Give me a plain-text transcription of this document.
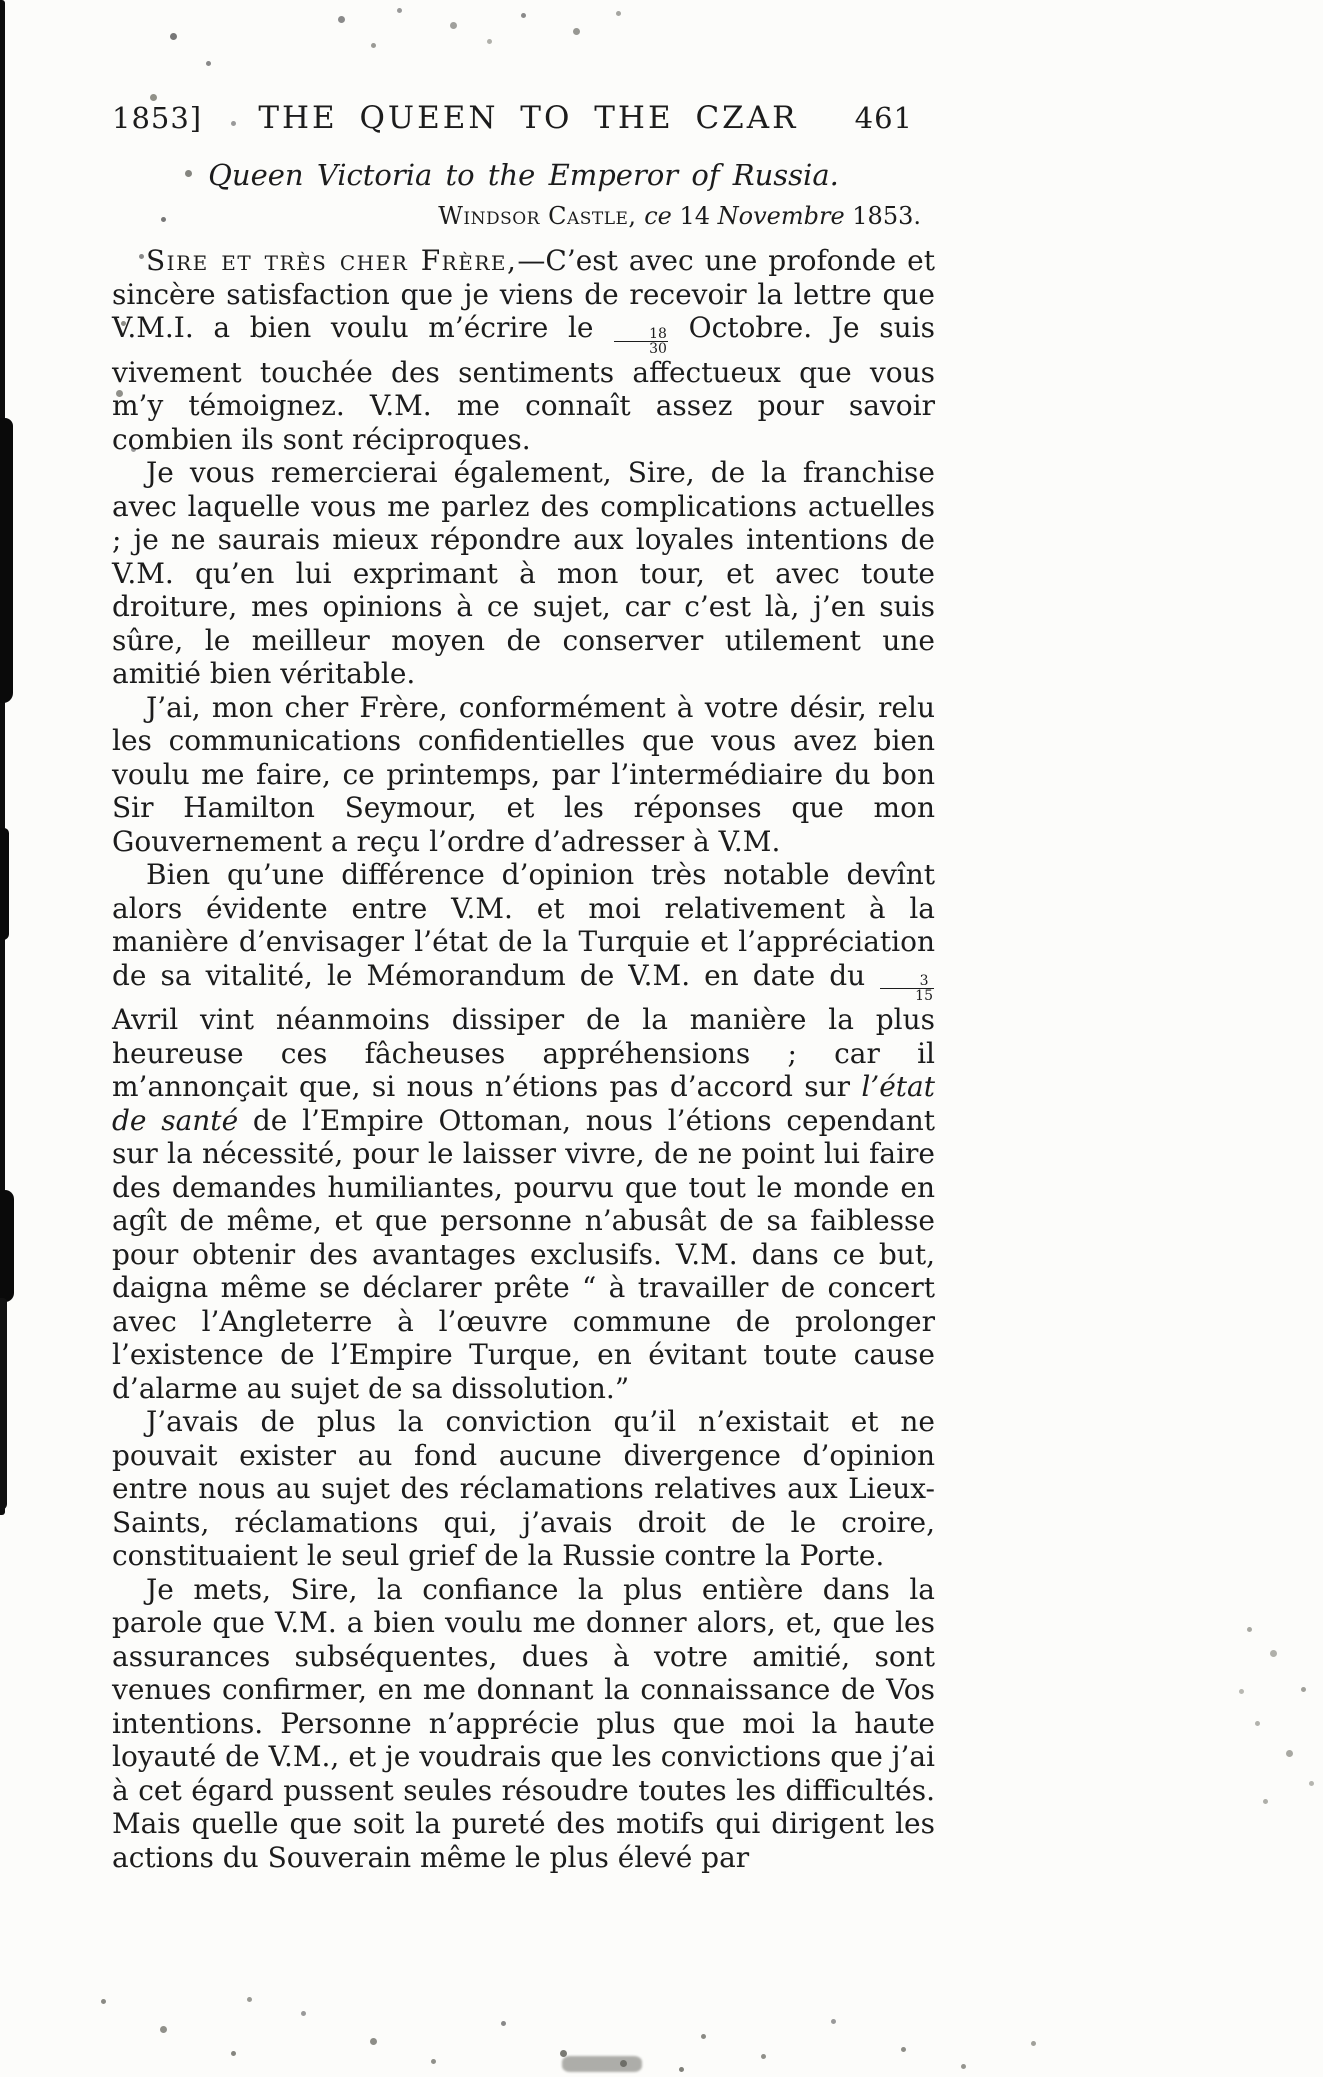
1853] THE QUEEN TO THE CZAR 461
Queen Victoria to the Emperor of Russia.
Windsor Castle, ce 14 Novembre 1853.

Sire et très cher Frère,—C’est avec une profonde et sincère satisfaction que je viens de recevoir la lettre que V.M.I. a bien voulu m’écrire le $\frac{18}{30}$ Octobre. Je suis vivement touchée des sentiments affectueux que vous m’y témoignez. V.M. me connaît assez pour savoir combien ils sont réciproques.

Je vous remercierai également, Sire, de la franchise avec laquelle vous me parlez des complications actuelles ; je ne saurais mieux répondre aux loyales intentions de V.M. qu’en lui exprimant à mon tour, et avec toute droiture, mes opinions à ce sujet, car c’est là, j’en suis sûre, le meilleur moyen de conserver utilement une amitié bien véritable.

J’ai, mon cher Frère, conformément à votre désir, relu les communications confidentielles que vous avez bien voulu me faire, ce printemps, par l’intermédiaire du bon Sir Hamilton Seymour, et les réponses que mon Gouvernement a reçu l’ordre d’adresser à V.M.

Bien qu’une différence d’opinion très notable devînt alors évidente entre V.M. et moi relativement à la manière d’envisager l’état de la Turquie et l’appréciation de sa vitalité, le Mémorandum de V.M. en date du $\frac{3}{15}$
Avril vint néanmoins dissiper de la manière la plus heureuse ces fâcheuses appréhensions ; car il m’annonçait que, si nous n’étions pas d’accord sur l’état de santé de l’Empire Ottoman, nous l’étions cependant sur la nécessité, pour le laisser vivre, de ne point lui faire des demandes humiliantes, pourvu que tout le monde en agît de même, et que personne n’abusât de sa faiblesse pour obtenir des avantages exclusifs. V.M. dans ce but, daigna même se déclarer prête “ à travailler de concert avec l’Angleterre à l’œuvre commune de prolonger l’existence de l’Empire Turque, en évitant toute cause d’alarme au sujet de sa dissolution.”

J’avais de plus la conviction qu’il n’existait et ne pouvait exister au fond aucune divergence d’opinion entre nous au sujet des réclamations relatives aux Lieux-Saints, réclamations qui, j’avais droit de le croire, constituaient le seul grief de la Russie contre la Porte.

Je mets, Sire, la confiance la plus entière dans la parole que V.M. a bien voulu me donner alors, et, que les assurances subséquentes, dues à votre amitié, sont venues confirmer, en me donnant la connaissance de Vos intentions. Personne n’apprécie plus que moi la haute loyauté de V.M., et je voudrais que les convictions que j’ai à cet égard pussent seules résoudre toutes les difficultés. Mais quelle que soit la pureté des motifs qui dirigent les actions du Souverain même le plus élevé par
